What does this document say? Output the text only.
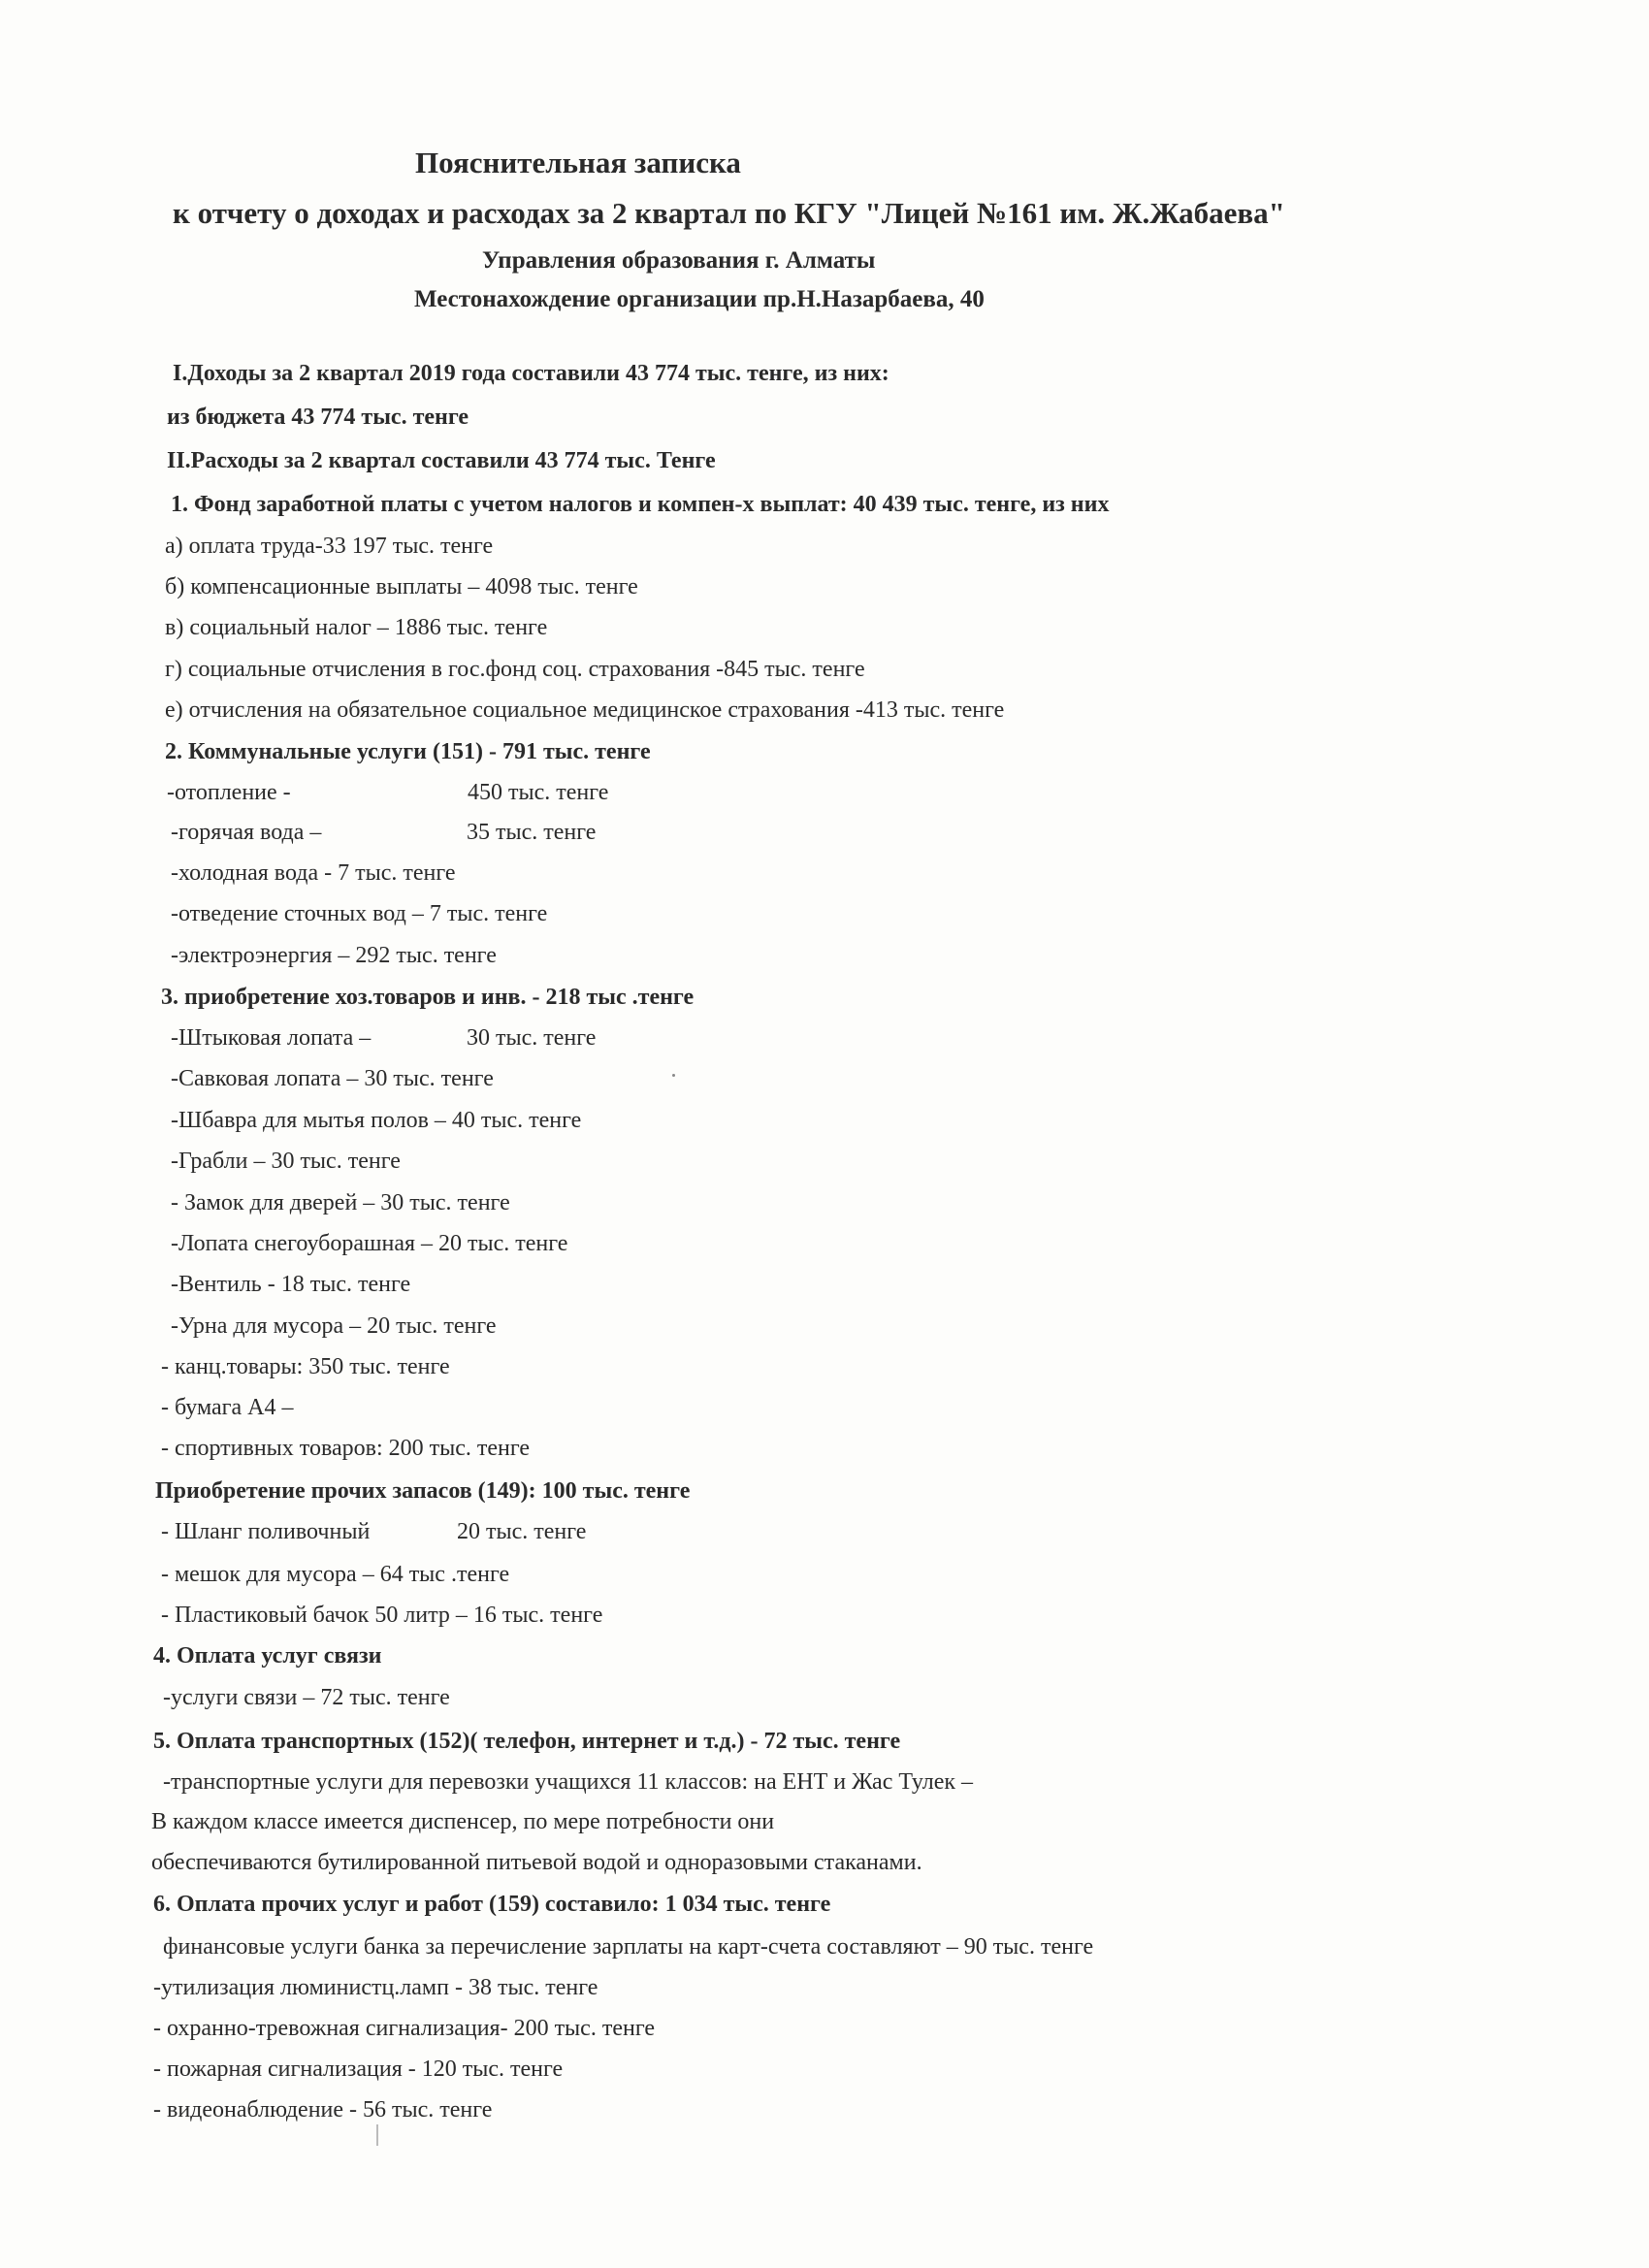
Пояснительная записка
к отчету о доходах и расходах за 2 квартал по КГУ "Лицей №161 им. Ж.Жабаева"
Управления образования г. Алматы
Местонахождение организации пр.Н.Назарбаева, 40
I.Доходы за 2 квартал 2019 года составили 43 774 тыс. тенге, из них:
из бюджета 43 774 тыс. тенге
II.Расходы за 2 квартал составили 43 774 тыс. Тенге
1. Фонд заработной платы с учетом налогов и компен-х выплат: 40 439 тыс. тенге, из них
а) оплата труда-33 197 тыс. тенге
б) компенсационные выплаты – 4098 тыс. тенге
в) социальный налог – 1886 тыс. тенге
г) социальные отчисления в гос.фонд соц. страхования -845 тыс. тенге
е) отчисления на обязательное социальное медицинское страхования -413 тыс. тенге
2. Коммунальные услуги (151) - 791 тыс. тенге
-отопление -	450 тыс. тенге
-горячая вода –	35 тыс. тенге
-холодная вода - 7 тыс. тенге
-отведение сточных вод – 7 тыс. тенге
-электроэнергия – 292 тыс. тенге
3. приобретение хоз.товаров и инв. - 218 тыс .тенге
-Штыковая лопата –	30 тыс. тенге
-Савковая лопата – 30 тыс. тенге
-Шбавра для мытья полов – 40 тыс. тенге
-Грабли – 30 тыс. тенге
- Замок для дверей – 30 тыс. тенге
-Лопата снегоуборашная – 20 тыс. тенге
-Вентиль - 18 тыс. тенге
-Урна для мусора – 20 тыс. тенге
- канц.товары: 350 тыс. тенге
- бумага А4 –
- спортивных товаров: 200 тыс. тенге
Приобретение прочих запасов (149): 100 тыс. тенге
- Шланг поливочный	20 тыс. тенге
- мешок для мусора – 64 тыс .тенге
- Пластиковый бачок 50 литр – 16 тыс. тенге
4. Оплата услуг связи
-услуги связи – 72 тыс. тенге
5. Оплата транспортных (152)( телефон, интернет и т.д.) - 72 тыс. тенге
-транспортные услуги для перевозки учащихся 11 классов: на ЕНТ и Жас Тулек –
В каждом классе имеется диспенсер, по мере потребности они
обеспечиваются бутилированной питьевой водой и одноразовыми стаканами.
6. Оплата прочих услуг и работ (159) составило: 1 034 тыс. тенге
финансовые услуги банка за перечисление зарплаты на карт-счета составляют – 90 тыс. тенге
-утилизация люминистц.ламп - 38 тыс. тенге
- охранно-тревожная сигнализация- 200 тыс. тенге
- пожарная сигнализация - 120 тыс. тенге
- видеонаблюдение - 56 тыс. тенге
